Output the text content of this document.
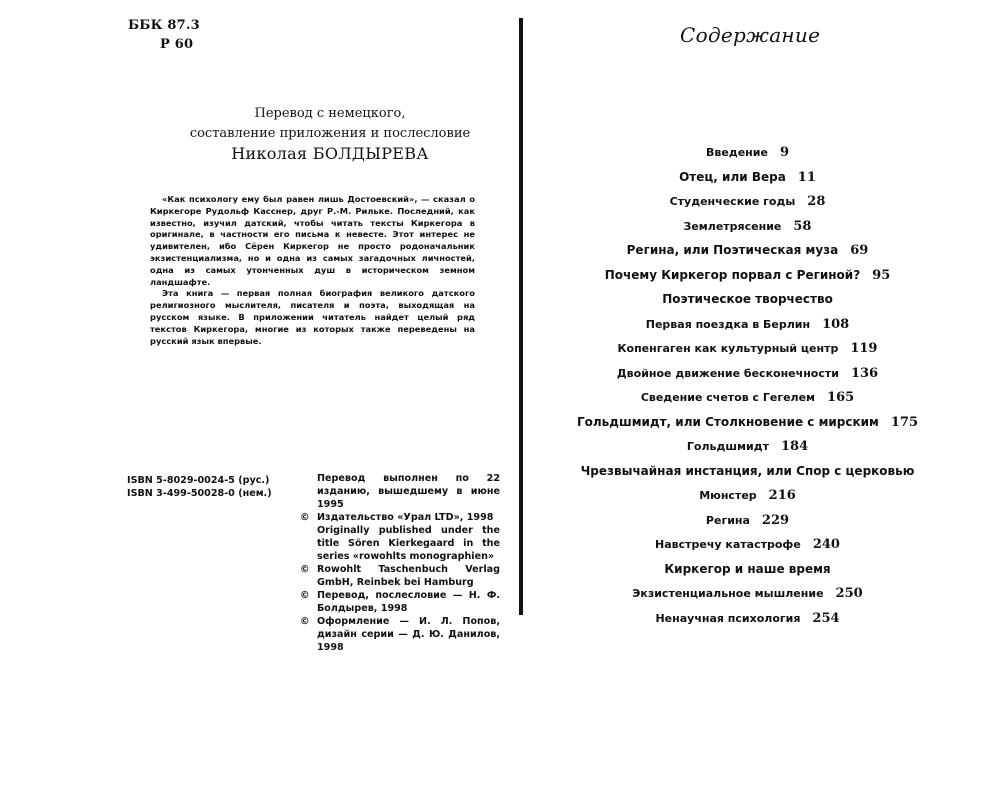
ББК 87.3
Р 60
Перевод с немецкого,
составление приложения и послесловие
Николая БОЛДЫРЕВА

«Как психологу ему был равен лишь Достоевский», — сказал о Киркегоре Рудольф Касснер, друг Р.-М. Рильке. Последний, как известно, изучил датский, чтобы читать тексты Киркегора в оригинале, в частности его письма к невесте. Этот интерес не удивителен, ибо Сёрен Киркегор не просто родоначальник экзистенциализма, но и одна из самых загадочных личностей, одна из самых утонченных душ в историческом земном ландшафте.

Эта книга — первая полная биография великого датского религиозного мыслителя, писателя и поэта, выходящая на русском языке. В приложении читатель найдет целый ряд текстов Киркегора, многие из которых также переведены на русский язык впервые.

ISBN 5-8029-0024-5 (рус.)
ISBN 3-499-50028-0 (нем.)
Перевод выполнен по 22 изданию, вышедшему в июне 1995
© Издательство «Урал LTD», 1998
Originally published under the title Sören Kierkegaard in the series «rowohlts monographien»
© Rowohlt Taschenbuch Verlag GmbH, Reinbek bei Hamburg
© Перевод, послесловие — Н. Ф. Болдырев, 1998
© Оформление — И. Л. Попов, дизайн серии — Д. Ю. Данилов, 1998
Содержание
Введение 9
Отец, или Вера 11
Студенческие годы 28
Землетрясение 58
Регина, или Поэтическая муза 69
Почему Киркегор порвал с Региной? 95
Поэтическое творчество
Первая поездка в Берлин 108
Копенгаген как культурный центр 119
Двойное движение бесконечности 136
Сведение счетов с Гегелем 165
Гольдшмидт, или Столкновение с мирским 175
Гольдшмидт 184
Чрезвычайная инстанция, или Спор с церковью
Мюнстер 216
Регина 229
Навстречу катастрофе 240
Киркегор и наше время
Экзистенциальное мышление 250
Ненаучная психология 254
